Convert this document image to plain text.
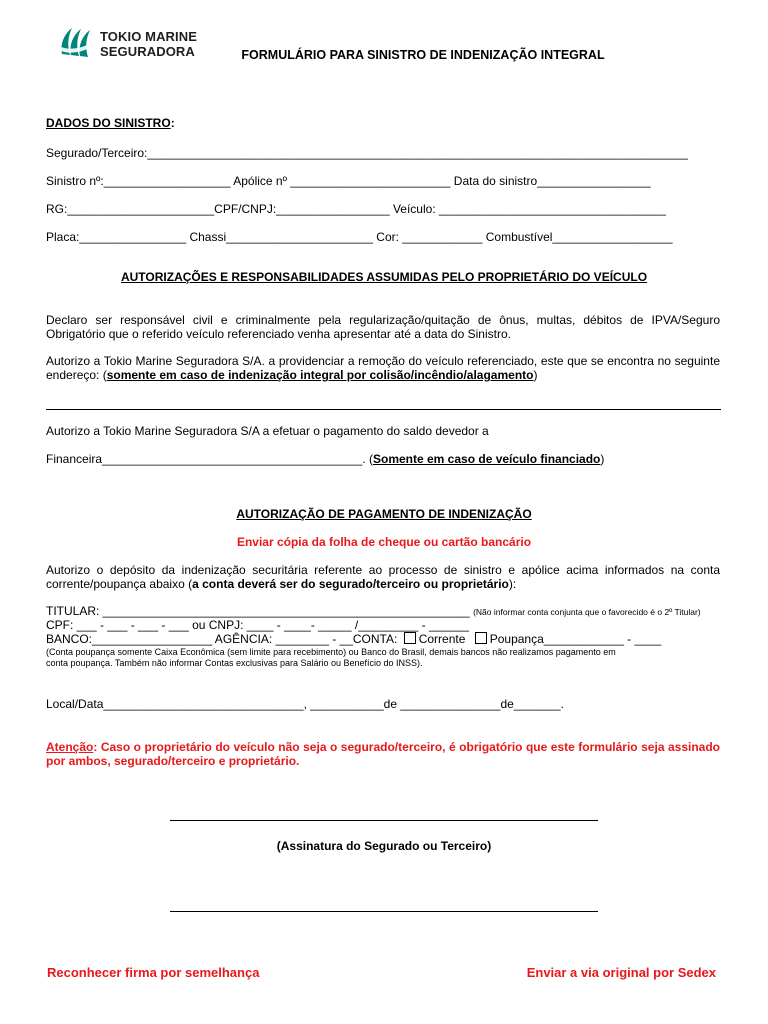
TOKIO MARINE
SEGURADORA	FORMULÁRIO PARA SINISTRO DE INDENIZAÇÃO INTEGRAL
DADOS DO SINISTRO:
Segurado/Terceiro:_________________________________________________________________________________
Sinistro nº:___________________ Apólice nº ________________________ Data do sinistro_________________
RG:______________________CPF/CNPJ:_________________ Veículo: __________________________________
Placa:________________ Chassi______________________ Cor: ____________ Combustível__________________
AUTORIZAÇÕES E RESPONSABILIDADES ASSUMIDAS PELO PROPRIETÁRIO DO VEÍCULO
Declaro ser responsável civil e criminalmente pela regularização/quitação de ônus, multas, débitos de IPVA/Seguro Obrigatório que o referido veículo referenciado venha apresentar até a data do Sinistro.
Autorizo a Tokio Marine Seguradora S/A. a providenciar a remoção do veículo referenciado, este que se encontra no seguinte endereço: (somente em caso de indenização integral por colisão/incêndio/alagamento)
Autorizo a Tokio Marine Seguradora S/A a efetuar o pagamento do saldo devedor a
Financeira_______________________________________. (Somente em caso de veículo financiado)
AUTORIZAÇÃO DE PAGAMENTO DE INDENIZAÇÃO
Enviar cópia da folha de cheque ou cartão bancário
Autorizo o depósito da indenização securitária referente ao processo de sinistro e apólice acima informados na conta corrente/poupança abaixo (a conta deverá ser do segurado/terceiro ou proprietário):
TITULAR: _______________________________________________________ (Não informar conta conjunta que o favorecido é o 2º Titular)
CPF: ___ - ___ - ___ - ___ ou CNPJ: ____ - ____- _____ /_________ - ______
BANCO:__________________ AGÊNCIA: ________ - __CONTA: Corrente Poupança____________ - ____
(Conta poupança somente Caixa Econômica (sem limite para recebimento) ou Banco do Brasil, demais bancos não realizamos pagamento em
conta poupança. Também não informar Contas exclusivas para Salário ou Benefício do INSS).
Local/Data______________________________, ___________de _______________de_______.
Atenção: Caso o proprietário do veículo não seja o segurado/terceiro, é obrigatório que este formulário seja assinado por ambos, segurado/terceiro e proprietário.
(Assinatura do Segurado ou Terceiro)
Reconhecer firma por semelhança	Enviar a via original por Sedex
